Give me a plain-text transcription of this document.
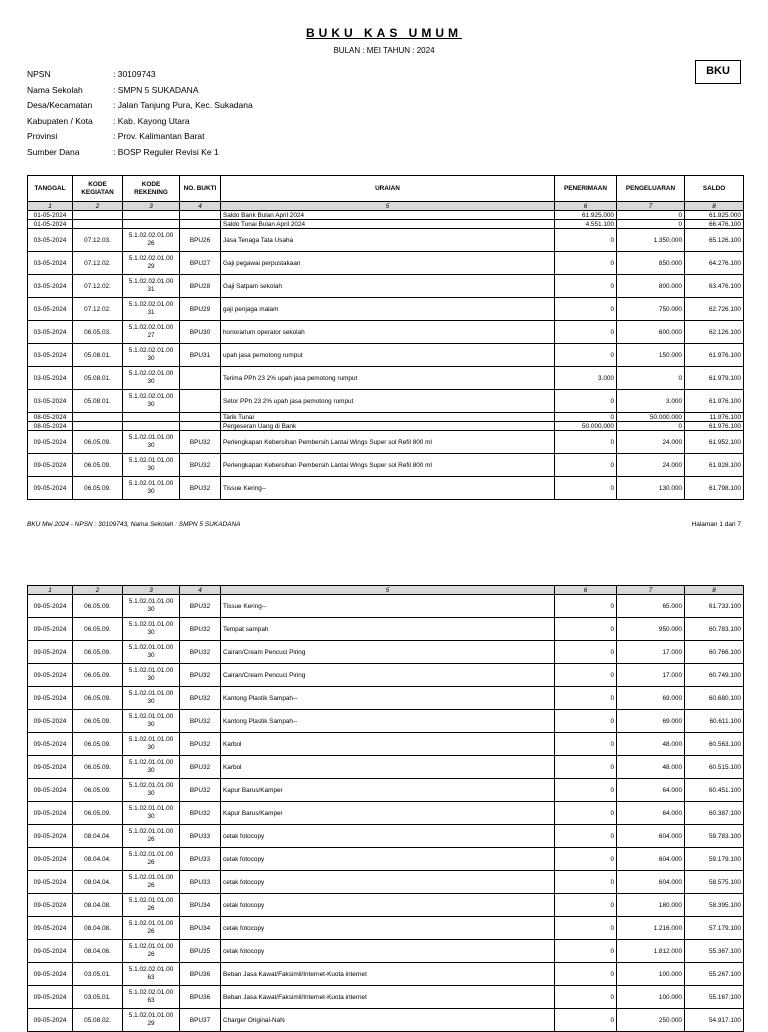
BUKU KAS UMUM
BULAN : MEI TAHUN : 2024
BKU
NPSN	: 30109743
Nama Sekolah	: SMPN 5 SUKADANA
Desa/Kecamatan	: Jalan Tanjung Pura, Kec. Sukadana
Kabupaten / Kota	: Kab. Kayong Utara
Provinsi	: Prov. Kalimantan Barat
Sumber Dana	: BOSP Reguler Revisi Ke 1
TANGGAL	KODE KEGIATAN	KODE REKENING	NO. BUKTI	URAIAN	PENERIMAAN	PENGELUARAN	SALDO
1	2	3	4	5	6	7	8
01-05-2024				Saldo Bank Bulan April 2024	61.925.000	0	61.925.000
01-05-2024				Saldo Tunai Bulan April 2024	4.551.100	0	66.476.100
03-05-2024	07.12.03.	5.1.02.02.01.00 26	BPU26	Jasa Tenaga Tata Usaha	0	1.350.000	65.126.100
03-05-2024	07.12.02.	5.1.02.02.01.00 29	BPU27	Gaji pegawai perpustakaan	0	850.000	64.276.100
03-05-2024	07.12.02.	5.1.02.02.01.00 31	BPU28	Gaji Satpam sekolah	0	800.000	63.476.100
03-05-2024	07.12.02.	5.1.02.02.01.00 31	BPU29	gaji penjaga malam	0	750.000	62.726.100
03-05-2024	06.05.03.	5.1.02.02.01.00 27	BPU30	honorarium operator sekolah	0	600.000	62.126.100
03-05-2024	05.08.01.	5.1.02.02.01.00 30	BPU31	upah jasa pemotong rumput	0	150.000	61.976.100
03-05-2024	05.08.01.	5.1.02.02.01.00 30		Terima PPh 23 2% upah jasa pemotong rumput	3.000	0	61.979.100
03-05-2024	05.08.01.	5.1.02.02.01.00 30		Setor PPh 23 2% upah jasa pemotong rumput	0	3.000	61.976.100
08-05-2024				Tarik Tunai	0	50.000.000	11.976.100
08-05-2024				Pergeseran Uang di Bank	50.000.000	0	61.976.100
09-05-2024	06.05.09.	5.1.02.01.01.00 30	BPU32	Perlengkapan Kebersihan Pembersih Lantai Wings Super sol Refil 800 ml	0	24.000	61.952.100
09-05-2024	06.05.09.	5.1.02.01.01.00 30	BPU32	Perlengkapan Kebersihan Pembersih Lantai Wings Super sol Refil 800 ml	0	24.000	61.928.100
09-05-2024	06.05.09.	5.1.02.01.01.00 30	BPU32	Tissue Kering--	0	130.000	61.798.100
BKU Mei 2024 - NPSN : 30109743, Nama Sekolah : SMPN 5 SUKADANA	Halaman 1 dari 7
1	2	3	4	5	6	7	8
09-05-2024	06.05.09.	5.1.02.01.01.00 30	BPU32	Tissue Kering--	0	65.000	61.733.100
09-05-2024	06.05.09.	5.1.02.01.01.00 30	BPU32	Tempat sampah	0	950.000	60.783.100
09-05-2024	06.05.09.	5.1.02.01.01.00 30	BPU32	Cairan/Cream Pencuci Piring	0	17.000	60.766.100
09-05-2024	06.05.09.	5.1.02.01.01.00 30	BPU32	Cairan/Cream Pencuci Piring	0	17.000	60.749.100
09-05-2024	06.05.09.	5.1.02.01.01.00 30	BPU32	Kantong Plastik Sampah--	0	69.000	60.680.100
09-05-2024	06.05.09.	5.1.02.01.01.00 30	BPU32	Kantong Plastik Sampah--	0	69.000	60.611.100
09-05-2024	06.05.09.	5.1.02.01.01.00 30	BPU32	Karbol	0	48.000	60.563.100
09-05-2024	06.05.09.	5.1.02.01.01.00 30	BPU32	Karbol	0	48.000	60.515.100
09-05-2024	06.05.09.	5.1.02.01.01.00 30	BPU32	Kapur Barus/Kamper	0	64.000	60.451.100
09-05-2024	06.05.09.	5.1.02.01.01.00 30	BPU32	Kapur Barus/Kamper	0	64.000	60.387.100
09-05-2024	08.04.04.	5.1.02.01.01.00 26	BPU33	cetak fotocopy	0	604.000	59.783.100
09-05-2024	08.04.04.	5.1.02.01.01.00 26	BPU33	cetak fotocopy	0	604.000	59.179.100
09-05-2024	08.04.04.	5.1.02.01.01.00 26	BPU33	cetak fotocopy	0	604.000	58.575.100
09-05-2024	08.04.08.	5.1.02.01.01.00 26	BPU34	cetak fotocopy	0	180.000	58.395.100
09-05-2024	08.04.08.	5.1.02.01.01.00 26	BPU34	cetak fotocopy	0	1.216.000	57.179.100
09-05-2024	08.04.06.	5.1.02.01.01.00 26	BPU35	cetak fotocopy	0	1.812.000	55.367.100
09-05-2024	03.05.01.	5.1.02.02.01.00 63	BPU36	Beban Jasa Kawat/Faksimil/Internet-Kuota internet	0	100.000	55.267.100
09-05-2024	03.05.01.	5.1.02.02.01.00 63	BPU36	Beban Jasa Kawat/Faksimil/Internet-Kuota internet	0	100.000	55.167.100
09-05-2024	05.08.02.	5.1.02.01.01.00 29	BPU37	Charger Original-NaN	0	250.000	54.917.100
